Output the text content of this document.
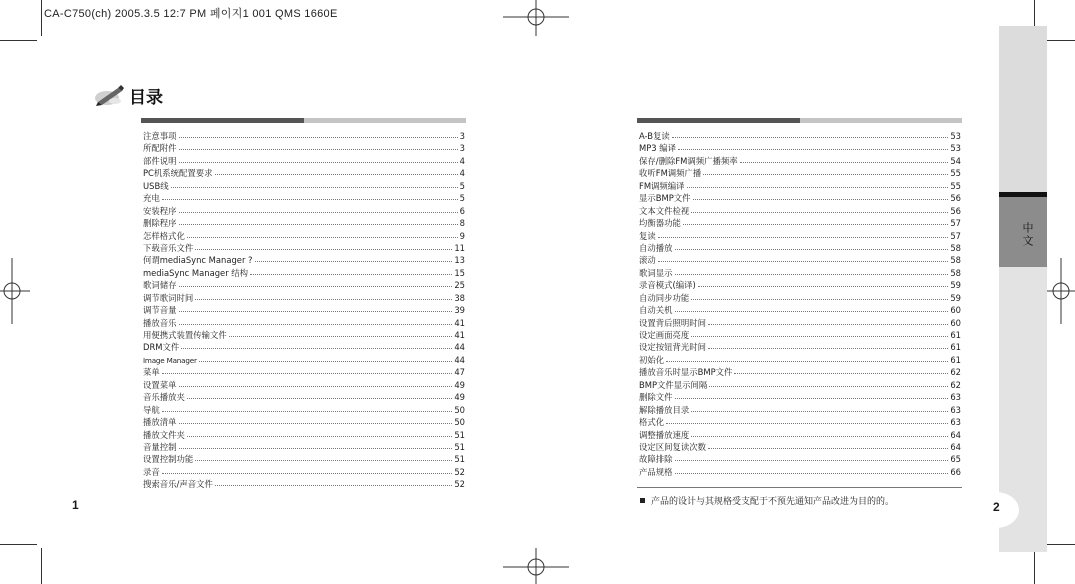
CA-C750(ch) 2005.3.5 12:7 PM 페이지1 001 QMS 1660E
目录
注意事项	3
所配附件	3
部件说明	4
PC机系统配置要求	4
USB线	5
充电	5
安装程序	6
删除程序	8
怎样格式化	9
下载音乐文件	11
何谓mediaSync Manager ?	13
mediaSync Manager 结构	15
歌词储存	25
调节歌词时间	38
调节音量	39
播放音乐	41
用便携式装置传输文件	41
DRM文件	44
Image Manager	44
菜单	47
设置菜单	49
音乐播放夹	49
导航	50
播放清单	50
播放文件夹	51
音量控制	51
设置控制功能	51
录音	52
搜索音乐/声音文件	52
A-B复读	53
MP3 编译	53
保存/删除FM调频广播频率	54
收听FM调频广播	55
FM调频编译	55
显示BMP文件	56
文本文件检视	56
均衡器功能	57
复读	57
自动播放	58
滚动	58
歌词显示	58
录音模式(编译)	59
自动同步功能	59
自动关机	60
设置背后照明时间	60
设定画面亮度	61
设定按钮背光时间	61
初始化	61
播放音乐时显示BMP文件	62
BMP文件显示间隔	62
删除文件	63
解除播放目录	63
格式化	63
调整播放速度	64
设定区间复读次数	64
故障排除	65
产品规格	66
1	产品的设计与其规格受支配于不预先通知产品改进为目的的。
中文
2
